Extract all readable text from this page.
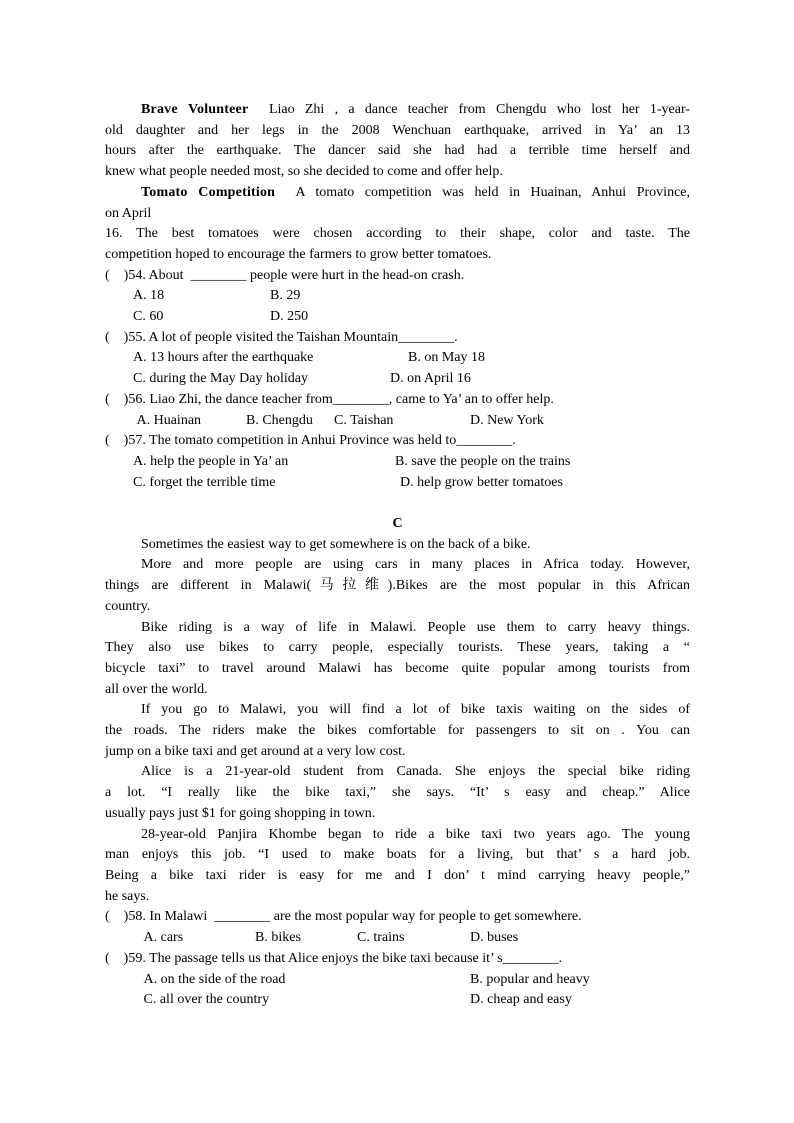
Brave Volunteer  Liao Zhi , a dance teacher from Chengdu who lost her 1-year-
old daughter and her legs in the 2008 Wenchuan earthquake, arrived in Ya’ an 13
hours after the earthquake. The dancer said she had had a terrible time herself and
knew what people needed most, so she decided to come and offer help.
Tomato Competition  A tomato competition was held in Huainan, Anhui Province,
on April
16. The best tomatoes were chosen according to their shape, color and taste. The
competition hoped to encourage the farmers to grow better tomatoes.
(    )54. About  ________ people were hurt in the head-on crash.
A. 18	B. 29
C. 60	D. 250
(    )55. A lot of people visited the Taishan Mountain________.
A. 13 hours after the earthquake	B. on May 18
C. during the May Day holiday	D. on April 16
(    )56. Liao Zhi, the dance teacher from________, came to Ya’ an to offer help.
A. Huainan	B. Chengdu C. Taishan	D. New York
(    )57. The tomato competition in Anhui Province was held to________.
A. help the people in Ya’ an	B. save the people on the trains
C. forget the terrible time	D. help grow better tomatoes
C
Sometimes the easiest way to get somewhere is on the back of a bike.
More and more people are using cars in many places in Africa today. However,
things are different in Malawi(马拉维).Bikes are the most popular in this African
country.
Bike riding is a way of life in Malawi. People use them to carry heavy things.
They also use bikes to carry people, especially tourists. These years, taking a “
bicycle taxi” to travel around Malawi has become quite popular among tourists from
all over the world.
If you go to Malawi, you will find a lot of bike taxis waiting on the sides of
the roads. The riders make the bikes comfortable for passengers to sit on . You can
jump on a bike taxi and get around at a very low cost.
Alice is a 21-year-old student from Canada. She enjoys the special bike riding
a lot. “I really like the bike taxi,” she says. “It’ s easy and cheap.” Alice
usually pays just $1 for going shopping in town.
28-year-old Panjira Khombe began to ride a bike taxi two years ago. The young
man enjoys this job. “I used to make boats for a living, but that’ s a hard job.
Being a bike taxi rider is easy for me and I don’ t mind carrying heavy people,”
he says.
(    )58. In Malawi  ________ are the most popular way for people to get somewhere.
A. cars	B. bikes	C. trains	D. buses
(    )59. The passage tells us that Alice enjoys the bike taxi because it’ s________.
A. on the side of the road	B. popular and heavy
C. all over the country	D. cheap and easy
